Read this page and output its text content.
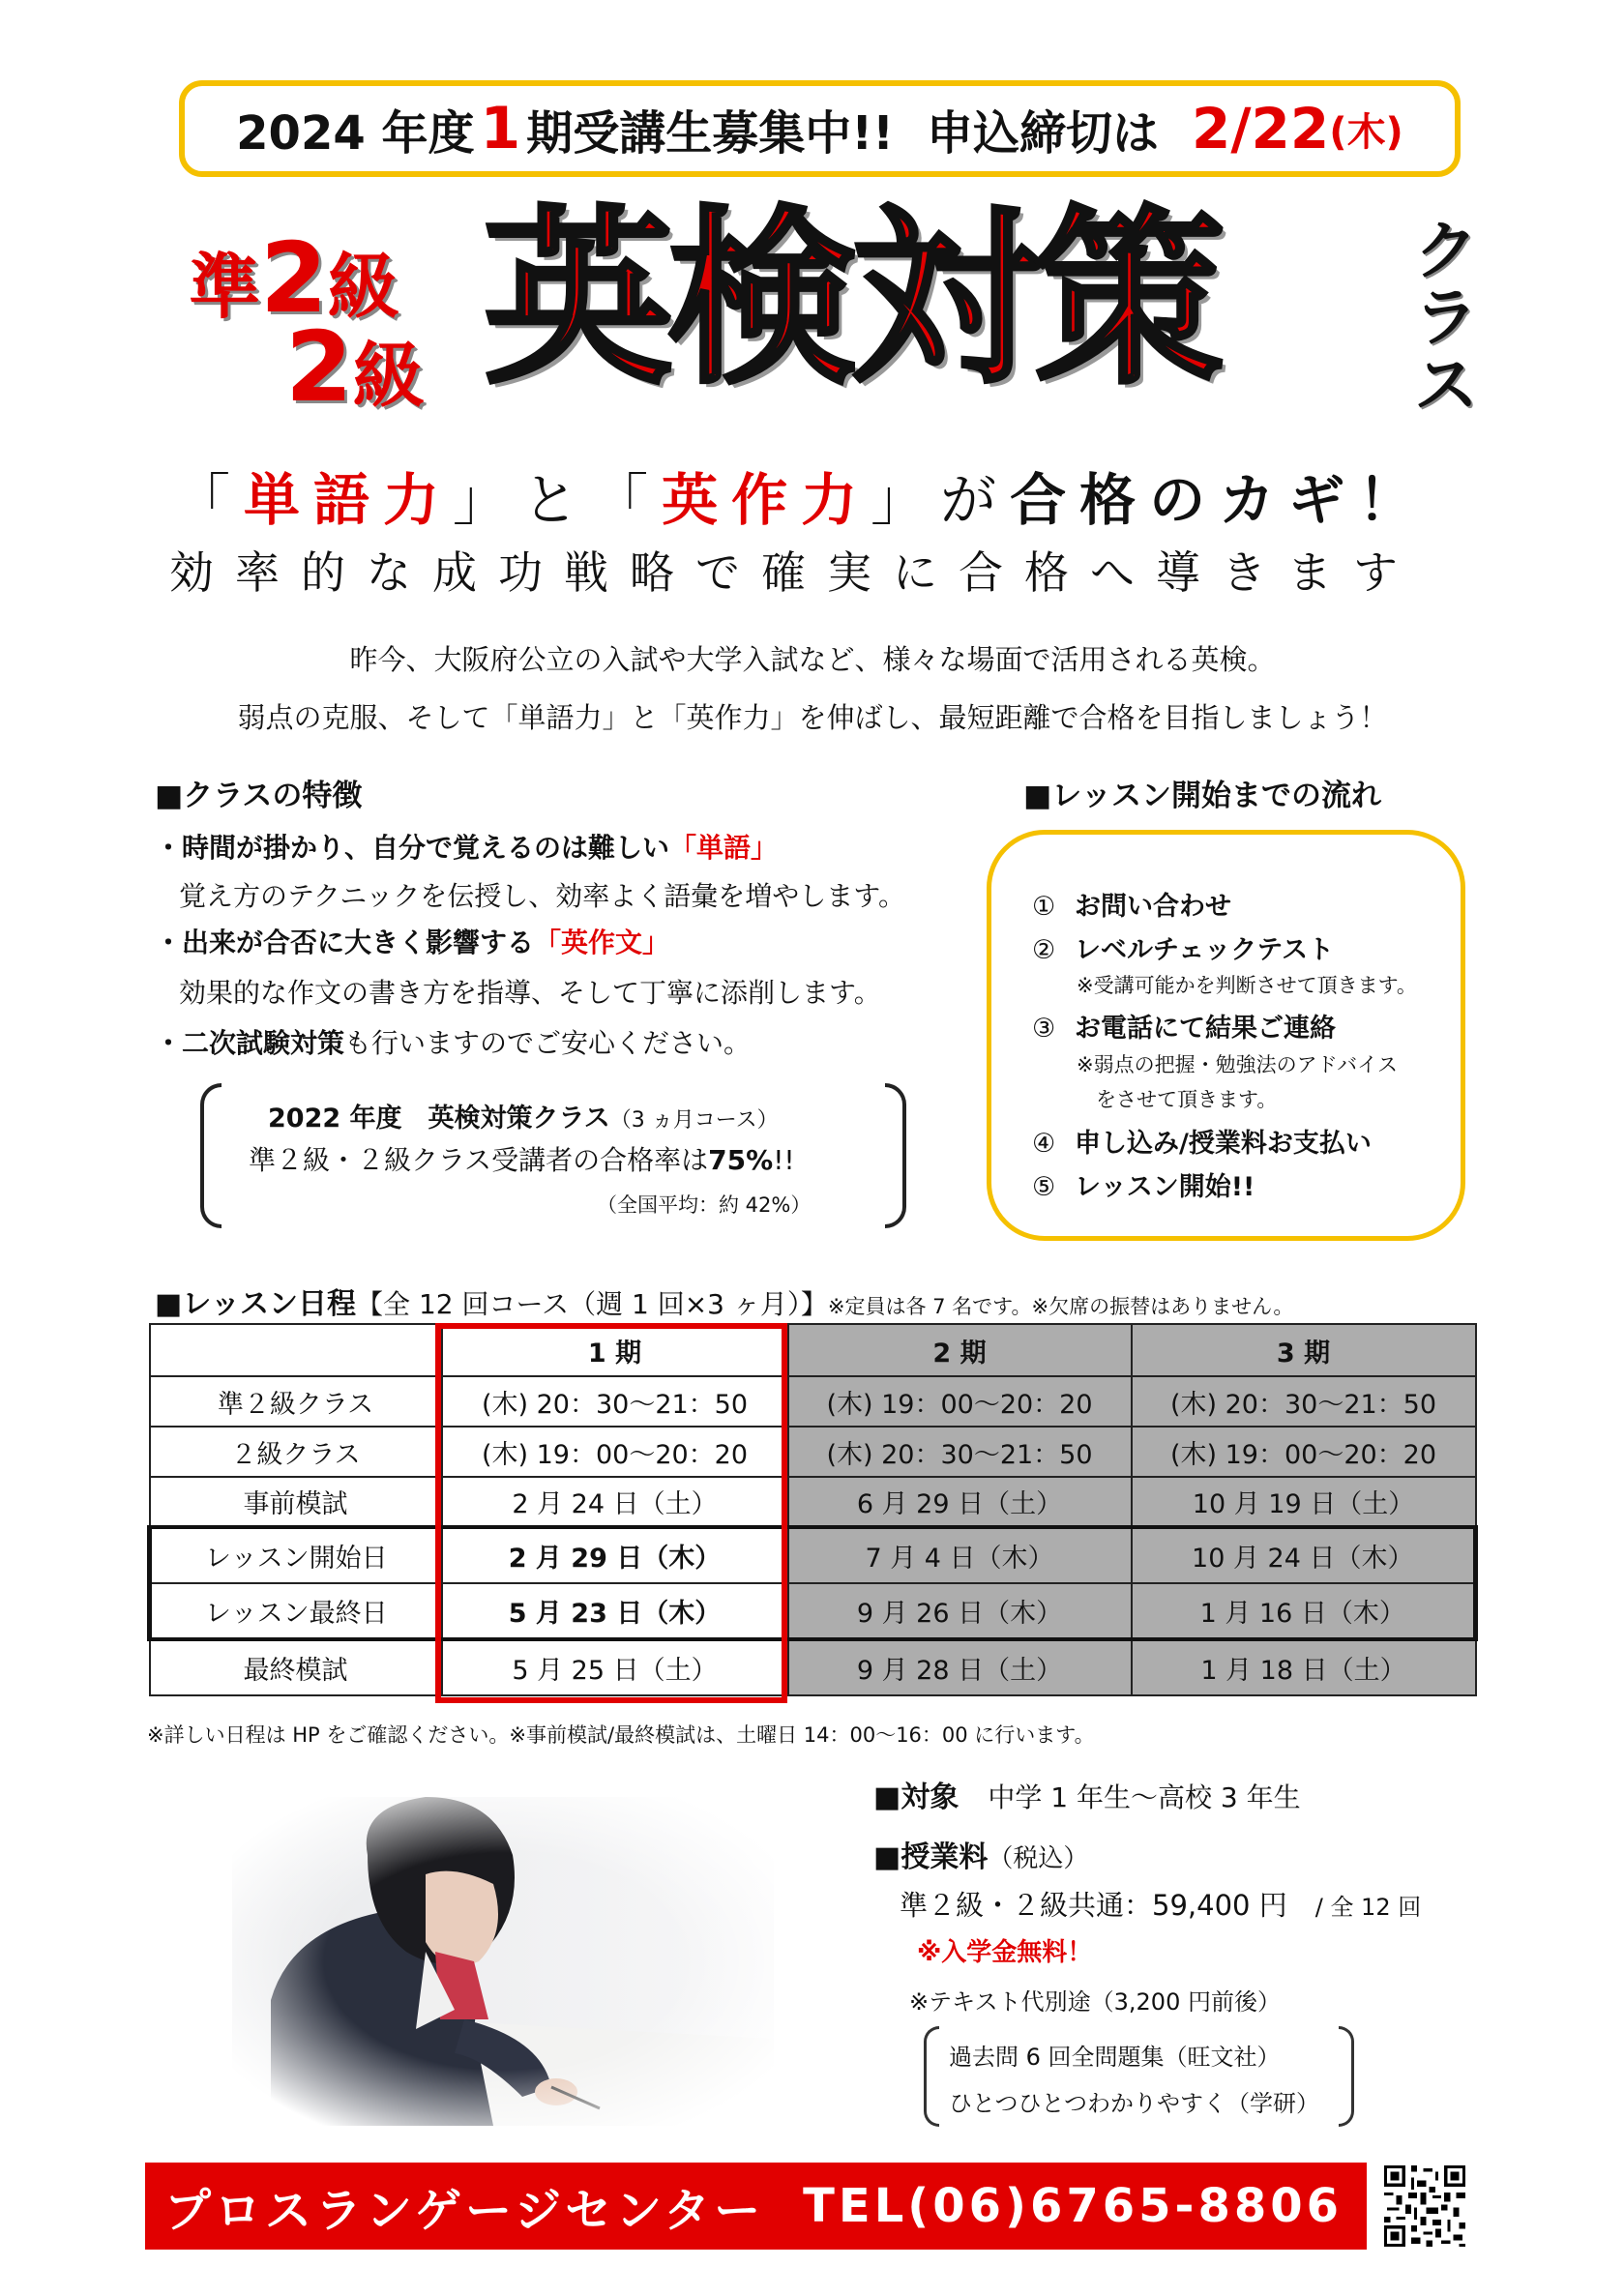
2024 年度 1 期受講生募集中!! 申込締切は 2/22 (木)
準2級
2級 英検対策	クラス
「単語力」と「英作力」が合格のカギ！
効率的な成功戦略で確実に合格へ導きます
昨今、大阪府公立の入試や大学入試など、様々な場面で活用される英検。
弱点の克服、そして「単語力」と「英作力」を伸ばし、最短距離で合格を目指しましょう！
■クラスの特徴
・時間が掛かり、自分で覚えるのは難しい「単語」
覚え方のテクニックを伝授し、効率よく語彙を増やします。
・出来が合否に大きく影響する「英作文」
効果的な作文の書き方を指導、そして丁寧に添削します。
・二次試験対策も行いますのでご安心ください。
2022 年度　英検対策クラス（3 ヵ月コース）
準２級・２級クラス受講者の合格率は75%!!
（全国平均：約 42%）
■レッスン開始までの流れ
① お問い合わせ
② レベルチェックテスト
※受講可能かを判断させて頂きます。
③ お電話にて結果ご連絡
※弱点の把握・勉強法のアドバイス
をさせて頂きます。
④ 申し込み/授業料お支払い
⑤ レッスン開始!!
■レッスン日程【全 12 回コース（週 1 回×3 ヶ月）】※定員は各 7 名です。※欠席の振替はありません。
	1 期	2 期	3 期
準２級クラス	(木) 20：30〜21：50	(木) 19：00〜20：20	(木) 20：30〜21：50
２級クラス	(木) 19：00〜20：20	(木) 20：30〜21：50	(木) 19：00〜20：20
事前模試	2 月 24 日（土）	6 月 29 日（土）	10 月 19 日（土）
レッスン開始日	2 月 29 日（木）	7 月 4 日（木）	10 月 24 日（木）
レッスン最終日	5 月 23 日（木）	9 月 26 日（木）	1 月 16 日（木）
最終模試	5 月 25 日（土）	9 月 28 日（土）	1 月 18 日（土）
※詳しい日程は HP をご確認ください。※事前模試/最終模試は、土曜日 14：00〜16：00 に行います。
■対象　 中学 1 年生〜高校 3 年生
■授業料（税込）
準２級・２級共通：59,400 円　 / 全 12 回
※入学金無料！
※テキスト代別途（3,200 円前後）
過去問 6 回全問題集（旺文社）
ひとつひとつわかりやすく（学研）
プロスランゲージセンター TEL(06)6765-8806
